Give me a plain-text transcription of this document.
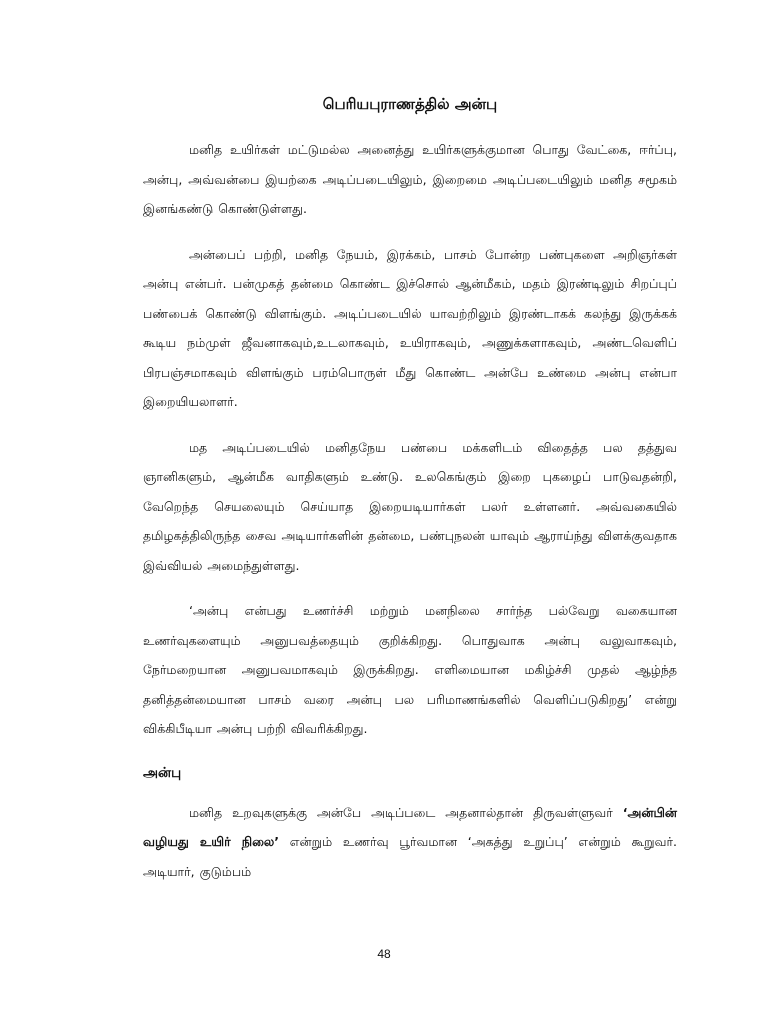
பெரியபுராணத்தில் அன்பு

மனித உயிர்கள் மட்டுமல்ல அனைத்து உயிர்களுக்குமான பொது வேட்கை, ஈர்ப்பு, அன்பு, அவ்வன்பை இயற்கை அடிப்படையிலும், இறைமை அடிப்படையிலும் மனித சமூகம் இனங்கண்டு கொண்டுள்ளது.

அன்பைப் பற்றி, மனித நேயம், இரக்கம், பாசம் போன்ற பண்புகளை அறிஞர்கள் அன்பு என்பர். பன்முகத் தன்மை கொண்ட இச்சொல் ஆன்மீகம், மதம் இரண்டிலும் சிறப்புப் பண்பைக் கொண்டு விளங்கும். அடிப்படையில் யாவற்றிலும் இரண்டாகக் கலந்து இருக்கக் கூடிய நம்முள் ஜீவனாகவும்,உடலாகவும், உயிராகவும், அணுக்களாகவும், அண்டவெளிப் பிரபஞ்சமாகவும் விளங்கும் பரம்பொருள் மீது கொண்ட அன்பே உண்மை அன்பு என்பா இறையியலாளர்.

மத அடிப்படையில் மனிதநேய பண்பை மக்களிடம் விதைத்த பல தத்துவ ஞானிகளும், ஆன்மீக வாதிகளும் உண்டு. உலகெங்கும் இறை புகழைப் பாடுவதன்றி, வேறெந்த செயலையும் செய்யாத இறையடியார்கள் பலர் உள்ளனர். அவ்வகையில் தமிழகத்திலிருந்த சைவ அடியார்களின் தன்மை, பண்புநலன் யாவும் ஆராய்ந்து விளக்குவதாக இவ்வியல் அமைந்துள்ளது.

‘அன்பு என்பது உணர்ச்சி மற்றும் மனநிலை சார்ந்த பல்வேறு வகையான உணர்வுகளையும் அனுபவத்தையும் குறிக்கிறது. பொதுவாக அன்பு வலுவாகவும், நேர்மறையான அனுபவமாகவும் இருக்கிறது. எளிமையான மகிழ்ச்சி முதல் ஆழ்ந்த தனித்தன்மையான பாசம் வரை அன்பு பல பரிமாணங்களில் வெளிப்படுகிறது’ என்று விக்கிபீடியா அன்பு பற்றி விவரிக்கிறது.

அன்பு

மனித உறவுகளுக்கு அன்பே அடிப்படை அதனால்தான் திருவள்ளுவர் ‘அன்பின் வழியது உயிர் நிலை’ என்றும் உணர்வு பூர்வமான ‘அகத்து உறுப்பு’ என்றும் கூறுவர். அடியார், குடும்பம்

48
